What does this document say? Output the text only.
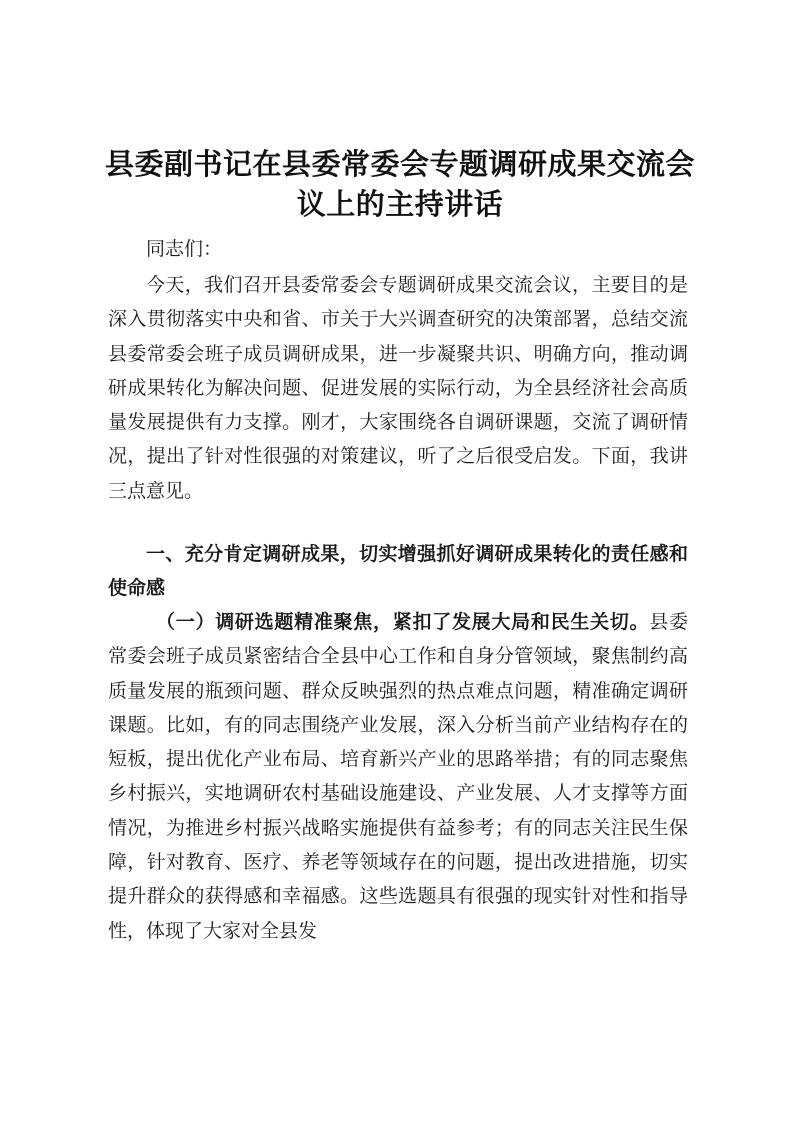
县委副书记在县委常委会专题调研成果交流会议上的主持讲话

同志们：

今天，我们召开县委常委会专题调研成果交流会议，主要目的是深入贯彻落实中央和省、市关于大兴调查研究的决策部署，总结交流县委常委会班子成员调研成果，进一步凝聚共识、明确方向，推动调研成果转化为解决问题、促进发展的实际行动，为全县经济社会高质量发展提供有力支撑。刚才，大家围绕各自调研课题，交流了调研情况，提出了针对性很强的对策建议，听了之后很受启发。下面，我讲三点意见。

一、充分肯定调研成果，切实增强抓好调研成果转化的责任感和使命感

（一）调研选题精准聚焦，紧扣了发展大局和民生关切。县委常委会班子成员紧密结合全县中心工作和自身分管领域，聚焦制约高质量发展的瓶颈问题、群众反映强烈的热点难点问题，精准确定调研课题。比如，有的同志围绕产业发展，深入分析当前产业结构存在的短板，提出优化产业布局、培育新兴产业的思路举措；有的同志聚焦乡村振兴，实地调研农村基础设施建设、产业发展、人才支撑等方面情况，为推进乡村振兴战略实施提供有益参考；有的同志关注民生保障，针对教育、医疗、养老等领域存在的问题，提出改进措施，切实提升群众的获得感和幸福感。这些选题具有很强的现实针对性和指导性，体现了大家对全县发
